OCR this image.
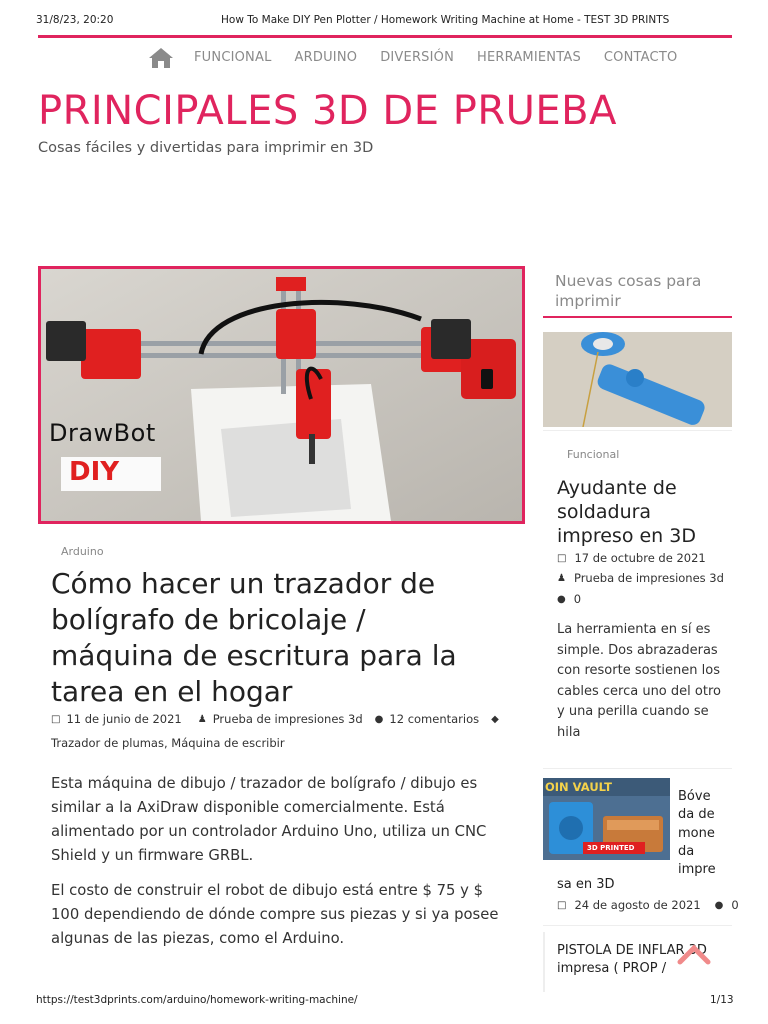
31/8/23, 20:20	How To Make DIY Pen Plotter / Homework Writing Machine at Home - TEST 3D PRINTS
FUNCIONAL ARDUINO DIVERSIÓN HERRAMIENTAS CONTACTO
PRINCIPALES 3D DE PRUEBA
Cosas fáciles y divertidas para imprimir en 3D
DrawBot
DIY
Arduino
Cómo hacer un trazador de bolígrafo de bricolaje / máquina de escritura para la tarea en el hogar
□ 11 de junio de 2021 ♟ Prueba de impresiones 3d ● 12 comentarios ◆
Trazador de plumas , Máquina de escribir
Esta máquina de dibujo / trazador de bolígrafo / dibujo es similar a la AxiDraw disponible comercialmente. Está alimentado por un controlador Arduino Uno, utiliza un CNC Shield y un firmware GRBL.
El costo de construir el robot de dibujo está entre $ 75 y $ 100 dependiendo de dónde compre sus piezas y si ya posee algunas de las piezas, como el Arduino.
Nuevas cosas para imprimir
Funcional
Ayudante de soldadura impreso en 3D
□ 17 de octubre de 2021
♟ Prueba de impresiones 3d
● 0
La herramienta en sí es simple. Dos abrazaderas con resorte sostienen los cables cerca uno del otro y una perilla cuando se hila
OIN VAULT
3D PRINTED
Bóve da de mone da impre
sa en 3D
□ 24 de agosto de 2021 ● 0
PISTOLA DE INFLAR 3D impresa ( PROP /
https://test3dprints.com/arduino/homework-writing-machine/	1/13
